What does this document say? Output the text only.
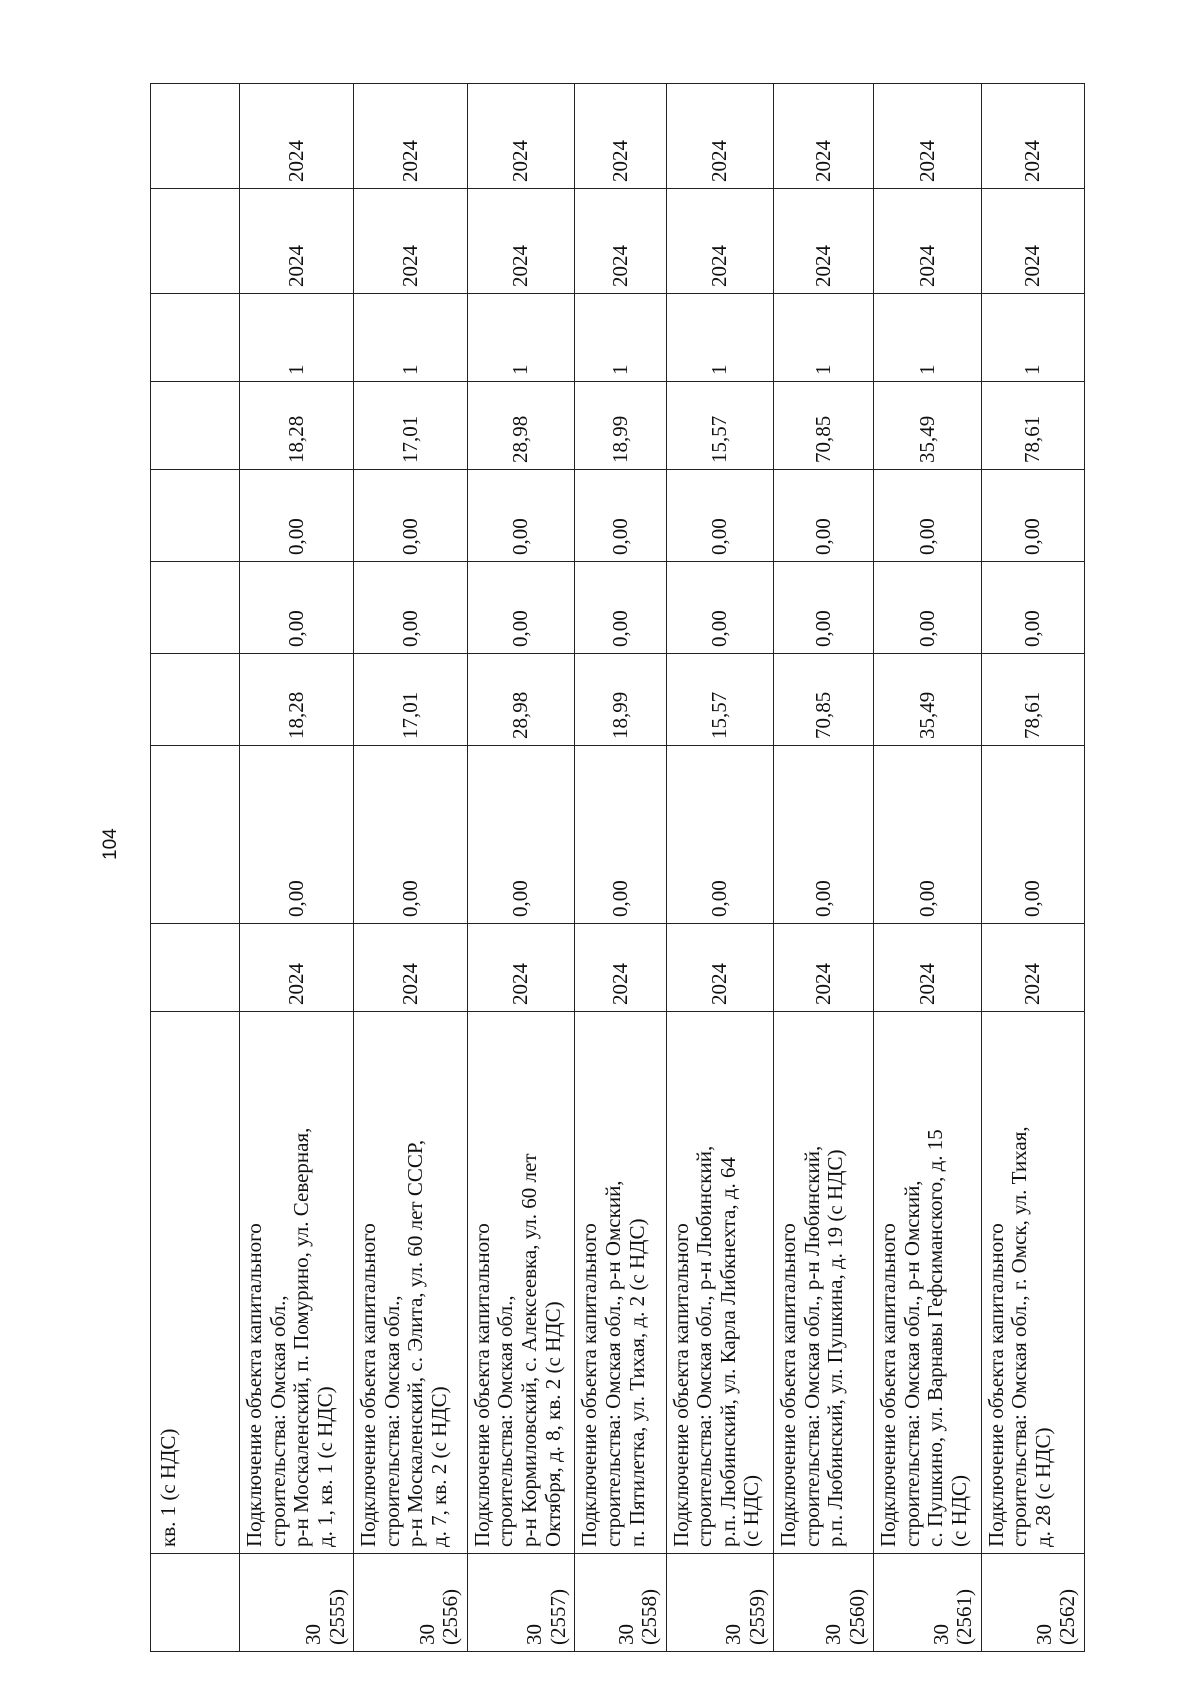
104
	кв. 1 (с НДС)									

30 (2555)	Подключение объекта капитального строительства: Омская обл., р-н Москаленский, п. Помурино, ул. Северная, д. 1, кв. 1 (с НДС)	2024	0,00	18,28	0,00	0,00	18,28	1	2024	2024

30 (2556)	Подключение объекта капитального строительства: Омская обл., р-н Москаленский, с. Элита, ул. 60 лет СССР, д. 7, кв. 2 (с НДС)	2024	0,00	17,01	0,00	0,00	17,01	1	2024	2024

30 (2557)	Подключение объекта капитального строительства: Омская обл., р-н Кормиловский, с. Алексеевка, ул. 60 лет Октября, д. 8, кв. 2 (с НДС)	2024	0,00	28,98	0,00	0,00	28,98	1	2024	2024

30 (2558)	Подключение объекта капитального строительства: Омская обл., р-н Омский, п. Пятилетка, ул. Тихая, д. 2 (с НДС)	2024	0,00	18,99	0,00	0,00	18,99	1	2024	2024

30 (2559)	Подключение объекта капитального строительства: Омская обл., р-н Любинский, р.п. Любинский, ул. Карла Либкнехта, д. 64 (с НДС)	2024	0,00	15,57	0,00	0,00	15,57	1	2024	2024

30 (2560)	Подключение объекта капитального строительства: Омская обл., р-н Любинский, р.п. Любинский, ул. Пушкина, д. 19 (с НДС)	2024	0,00	70,85	0,00	0,00	70,85	1	2024	2024

30 (2561)	Подключение объекта капитального строительства: Омская обл., р-н Омский, с. Пушкино, ул. Варнавы Гефсиманского, д. 15 (с НДС)	2024	0,00	35,49	0,00	0,00	35,49	1	2024	2024

30 (2562)	Подключение объекта капитального строительства: Омская обл., г. Омск, ул. Тихая, д. 28 (с НДС)	2024	0,00	78,61	0,00	0,00	78,61	1	2024	2024
